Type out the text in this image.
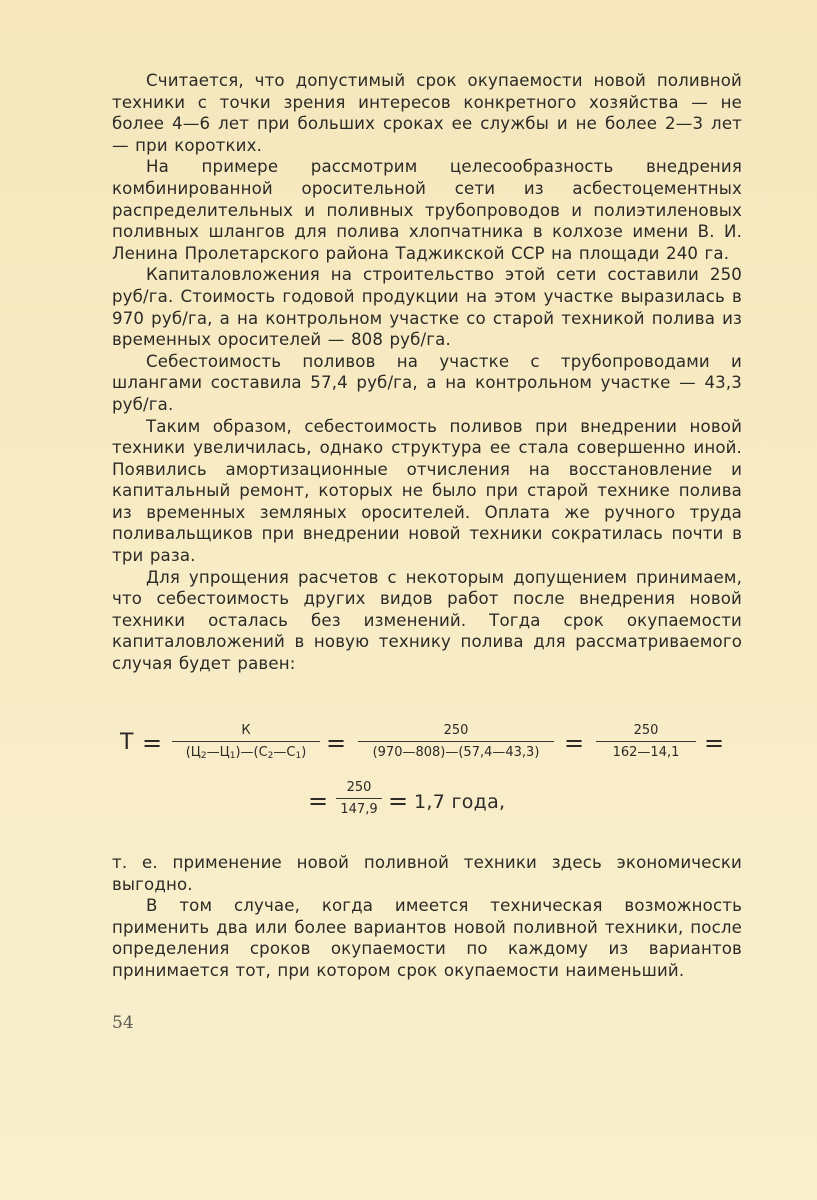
Считается, что допустимый срок окупаемости новой поливной техники с точки зрения интересов конкретного хозяйства — не более 4—6 лет при больших сроках ее службы и не более 2—3 лет — при коротких.

На примере рассмотрим целесообразность внедрения комбинированной оросительной сети из асбестоцементных распределительных и поливных трубопроводов и полиэтиленовых поливных шлангов для полива хлопчатника в колхозе имени В. И. Ленина Пролетарского района Таджикской ССР на площади 240 га.

Капиталовложения на строительство этой сети составили 250 руб/га. Стоимость годовой продукции на этом участке выразилась в 970 руб/га, а на контрольном участке со старой техникой полива из временных оросителей — 808 руб/га.

Себестоимость поливов на участке с трубопроводами и шлангами составила 57,4 руб/га, а на контрольном участке — 43,3 руб/га.

Таким образом, себестоимость поливов при внедрении новой техники увеличилась, однако структура ее стала совершенно иной. Появились амортизационные отчисления на восстановление и капитальный ремонт, которых не было при старой технике полива из временных земляных оросителей. Оплата же ручного труда поливальщиков при внедрении новой техники сократилась почти в три раза.

Для упрощения расчетов с некоторым допущением принимаем, что себестоимость других видов работ после внедрения новой техники осталась без изменений. Тогда срок окупаемости капиталовложений в новую технику полива для рассматриваемого случая будет равен:

T =	К
$(Ц_2—Ц_1)—(С_2—С_1) = \frac{250}{(970—808)—(57,4—43,3)} = \frac{250}{162—14,1}$ =
= $\frac{250}{147,9} = 1,7$ года,

т. е. применение новой поливной техники здесь экономически выгодно.

В том случае, когда имеется техническая возможность применить два или более вариантов новой поливной техники, после определения сроков окупаемости по каждому из вариантов принимается тот, при котором срок окупаемости наименьший.

54
